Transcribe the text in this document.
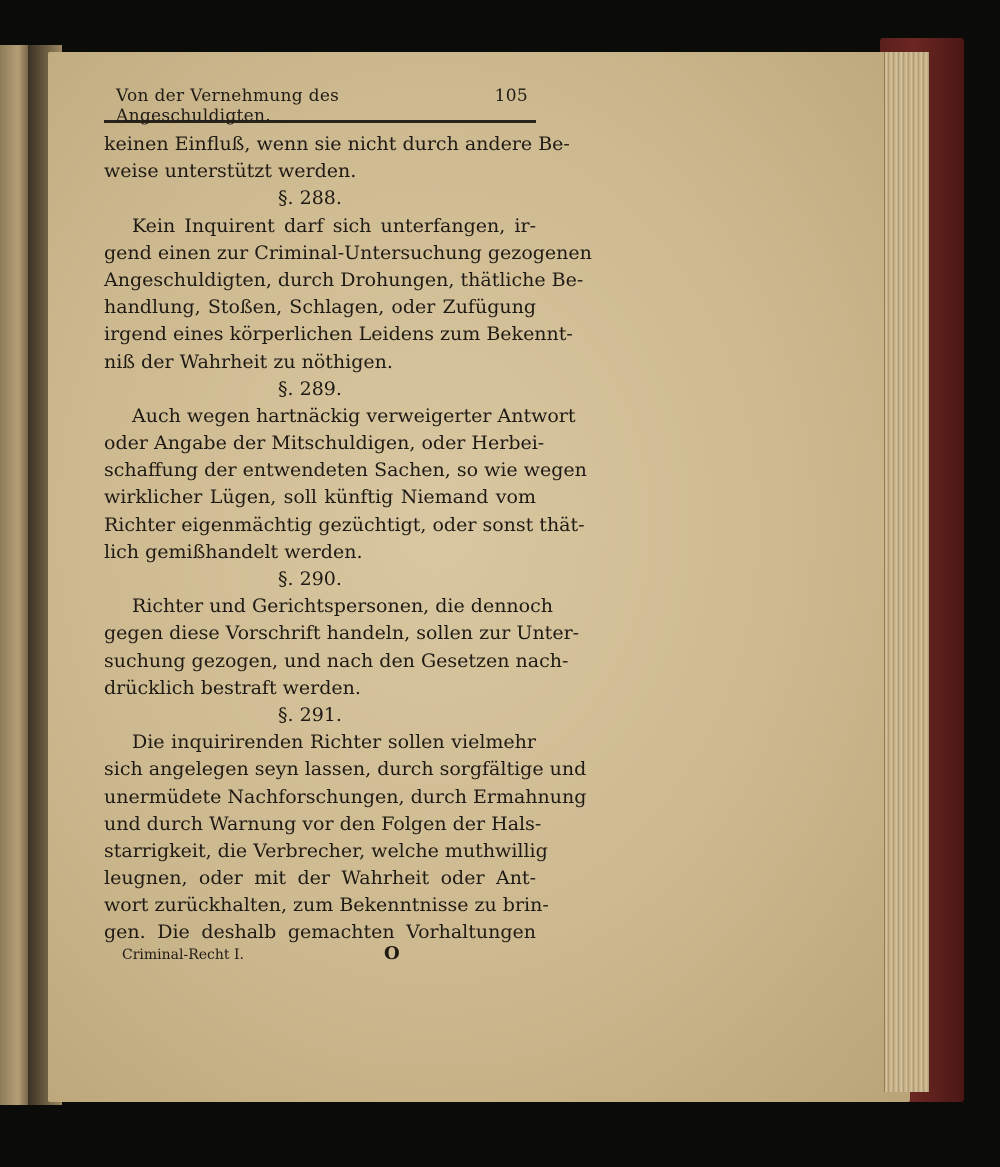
Von der Vernehmung des Angeschuldigten.
105
keinen Einfluß, wenn sie nicht durch andere Be-
weise unterstützt werden.
§. 288.
Kein Inquirent darf sich unterfangen, ir-
gend einen zur Criminal-Untersuchung gezogenen
Angeschuldigten, durch Drohungen, thätliche Be-
handlung, Stoßen, Schlagen, oder Zufügung
irgend eines körperlichen Leidens zum Bekennt-
niß der Wahrheit zu nöthigen.
§. 289.
Auch wegen hartnäckig verweigerter Antwort
oder Angabe der Mitschuldigen, oder Herbei-
schaffung der entwendeten Sachen, so wie wegen
wirklicher Lügen, soll künftig Niemand vom
Richter eigenmächtig gezüchtigt, oder sonst thät-
lich gemißhandelt werden.
§. 290.
Richter und Gerichtspersonen, die dennoch
gegen diese Vorschrift handeln, sollen zur Unter-
suchung gezogen, und nach den Gesetzen nach-
drücklich bestraft werden.
§. 291.
Die inquirirenden Richter sollen vielmehr
sich angelegen seyn lassen, durch sorgfältige und
unermüdete Nachforschungen, durch Ermahnung
und durch Warnung vor den Folgen der Hals-
starrigkeit, die Verbrecher, welche muthwillig
leugnen, oder mit der Wahrheit oder Ant-
wort zurückhalten, zum Bekenntnisse zu brin-
gen. Die deshalb gemachten Vorhaltungen
Criminal-Recht I.	O
